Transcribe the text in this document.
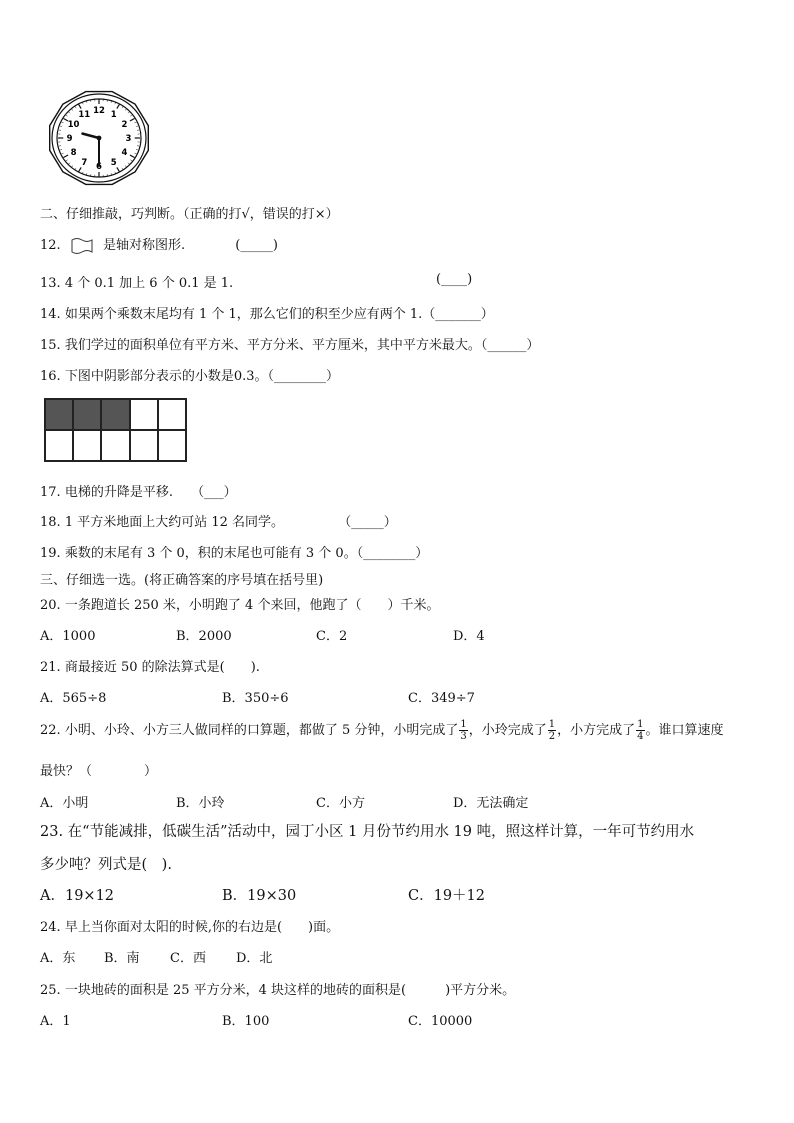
12 1
2
3
4
5
6
7
8
9
10
11
二、仔细推敲，巧判断。（正确的打√，错误的打×）
12.	是轴对称图形.	(_____)
13. 4 个 0.1 加上 6 个 0.1 是 1.	(____)
14. 如果两个乘数末尾均有 1 个 1，那么它们的积至少应有两个 1.（_______）
15. 我们学过的面积单位有平方米、平方分米、平方厘米，其中平方米最大。（______）
16. 下图中阴影部分表示的小数是0.3。（________）
17. 电梯的升降是平移. （___）
18. 1 平方米地面上大约可站 12 名同学。	（_____）
19. 乘数的末尾有 3 个 0，积的末尾也可能有 3 个 0。（________）
三、仔细选一选。(将正确答案的序号填在括号里)
20. 一条跑道长 250 米，小明跑了 4 个来回，他跑了（　　）千米。
A．1000	B．2000	C．2	D．4
21. 商最接近 50 的除法算式是(　　).
A．565÷8	B．350÷6	C．349÷7
22. 小明、小玲、小方三人做同样的口算题，都做了 5 分钟，小明完成了 $\frac{1}{3}$ ，小玲完成了 $\frac{1}{2}$ ，小方完成了 $\frac{1}{4}$ 。谁口算速度
最快？（　　　　）
A．小明	B．小玲	C．小方	D．无法确定
23. 在“节能减排，低碳生活”活动中，园丁小区 1 月份节约用水 19 吨，照这样计算，一年可节约用水
多少吨？列式是(　).
A．19×12	B．19×30	C．19＋12
24. 早上当你面对太阳的时候,你的右边是(　　)面。
A．东 B．南 C．西 D．北
25. 一块地砖的面积是 25 平方分米，4 块这样的地砖的面积是(　　　)平方分米。
A．1	B．100	C．10000
